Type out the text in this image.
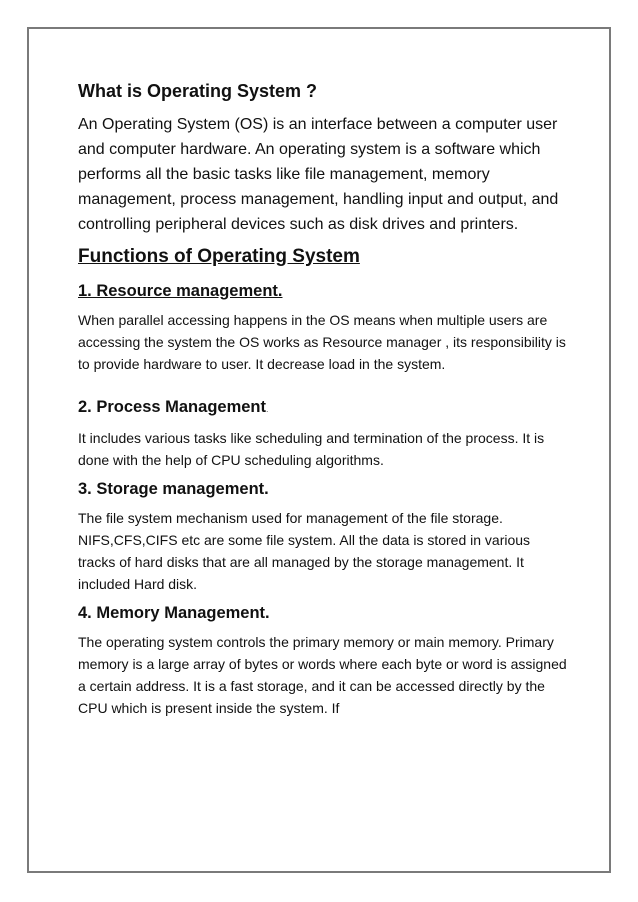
What is Operating System ?

An Operating System (OS) is an interface between a computer user and computer hardware. An operating system is a software which performs all the basic tasks like file management, memory management, process management, handling input and output, and controlling peripheral devices such as disk drives and printers.

Functions of Operating System
1. Resource management.

When parallel accessing happens in the OS means when multiple users are accessing the system the OS works as Resource manager , its responsibility is to provide hardware to user. It decrease load in the system.

2. Process Management.

It includes various tasks like scheduling and termination of the process. It is done with the help of CPU scheduling algorithms.

3. Storage management.

The file system mechanism used for management of the file storage. NIFS,CFS,CIFS etc are some file system. All the data is stored in various tracks of hard disks that are all managed by the storage management. It included Hard disk.

4. Memory Management.

The operating system controls the primary memory or main memory. Primary memory is a large array of bytes or words where each byte or word is assigned a certain address. It is a fast storage, and it can be accessed directly by the CPU which is present inside the system. If
